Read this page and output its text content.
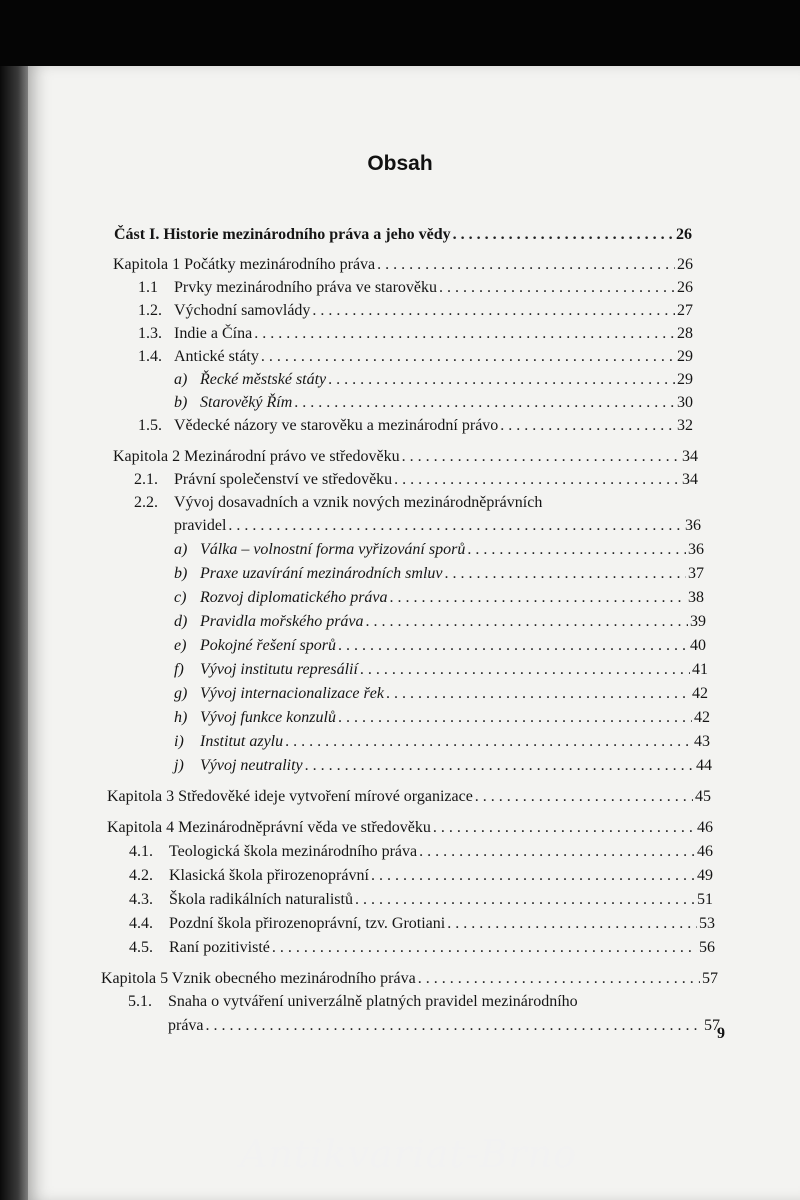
Obsah
Část I. Historie mezinárodního práva a jeho vědy . . .	26
Kapitola 1 Počátky mezinárodního práva . . .	26
1.1	Prvky mezinárodního práva ve starověku . . .	26
1.2. Východní samovlády . . .	27
1.3. Indie a Čína . . .	28
1.4. Antické státy . . .	29
a) Řecké městské státy . . .	29
b) Starověký Řím . . .	30
1.5. Vědecké názory ve starověku a mezinárodní právo . . .	32
Kapitola 2 Mezinárodní právo ve středověku . . .	34
2.1.	Právní společenství ve středověku . . .	34
2.2. Vývoj dosavadních a vznik nových mezinárodněprávních
pravidel . . .	36
a) Válka – volnostní forma vyřizování sporů . . .	36
b) Praxe uzavírání mezinárodních smluv . . .	37
c) Rozvoj diplomatického práva . . .	38
d) Pravidla mořského práva . . .	39
e) Pokojné řešení sporů . . .	40
f)	Vývoj institutu represálií . . .	41
g) Vývoj internacionalizace řek . . .	42
h) Vývoj funkce konzulů . . .	42
i)	Institut azylu . . .	43
j)	Vývoj neutrality . . .	44
Kapitola 3 Středověké ideje vytvoření mírové organizace . . .	45
Kapitola 4 Mezinárodněprávní věda ve středověku . . .	46
4.1.	Teologická škola mezinárodního práva . . .	46
4.2.	Klasická škola přirozenoprávní . . .	49
4.3.	Škola radikálních naturalistů . . .	51
4.4.	Pozdní škola přirozenoprávní, tzv. Grotiani . . .	53
4.5.	Raní pozitivisté . . .	56
Kapitola 5 Vznik obecného mezinárodního práva . . .	57
5.1. Snaha o vytváření univerzálně platných pravidel mezinárodního
práva . . .	57
9
Antikvariat-Brno
